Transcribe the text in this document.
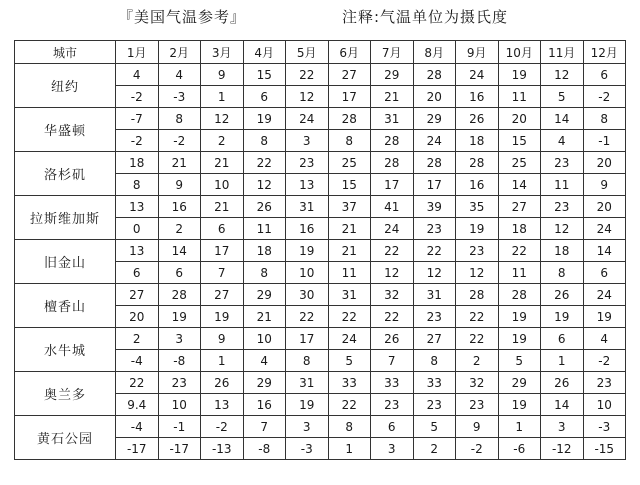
『美国气温参考』	注释:气温单位为摄氏度
城市	1月	2月	3月	4月	5月	6月	7月	8月	9月	10月	11月	12月
纽约	4	4	9	15	22	27	29	28	24	19	12	6
	-2	-3	1	6	12	17	21	20	16	11	5	-2
华盛顿	-7	8	12	19	24	28	31	29	26	20	14	8
	-2	-2	2	8	3	8	28	24	18	15	4	-1
洛杉矶	18	21	21	22	23	25	28	28	28	25	23	20
	8	9	10	12	13	15	17	17	16	14	11	9
拉斯维加斯	13	16	21	26	31	37	41	39	35	27	23	20
	0	2	6	11	16	21	24	23	19	18	12	24
旧金山	13	14	17	18	19	21	22	22	23	22	18	14
	6	6	7	8	10	11	12	12	12	11	8	6
檀香山	27	28	27	29	30	31	32	31	28	28	26	24
	20	19	19	21	22	22	22	23	22	19	19	19
水牛城	2	3	9	10	17	24	26	27	22	19	6	4
	-4	-8	1	4	8	5	7	8	2	5	1	-2
奥兰多	22	23	26	29	31	33	33	33	32	29	26	23
	9.4	10	13	16	19	22	23	23	23	19	14	10
黄石公园	-4	-1	-2	7	3	8	6	5	9	1	3	-3
	-17	-17	-13	-8	-3	1	3	2	-2	-6	-12	-15
